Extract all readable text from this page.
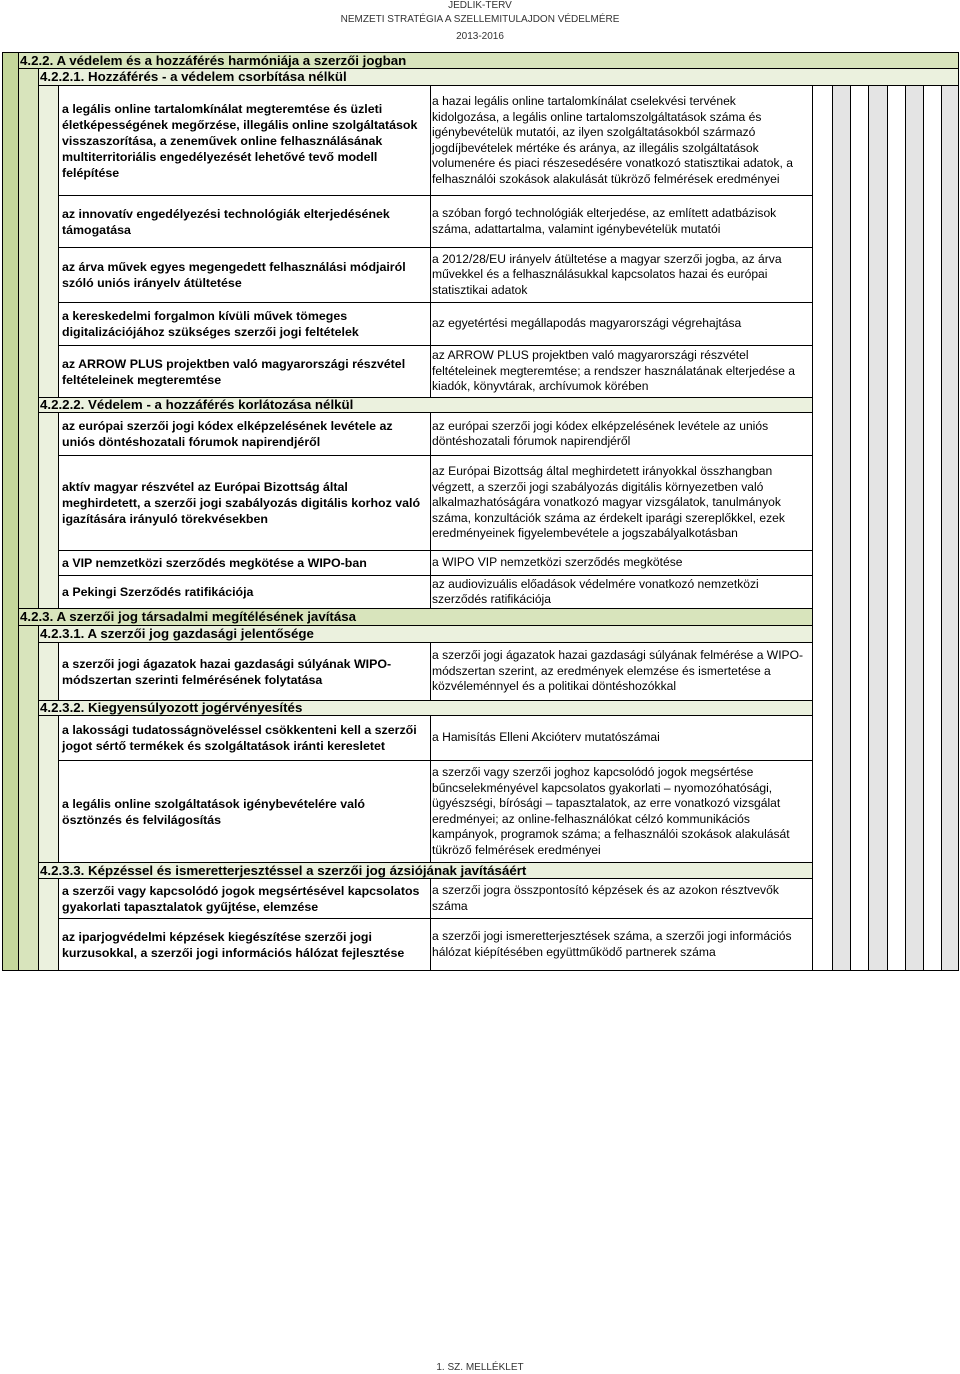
JEDLIK-TERV
NEMZETI STRATÉGIA A SZELLEMITULAJDON VÉDELMÉRE
2013-2016
4.2.2. A védelem és a hozzáférés harmóniája a szerzői jogban
4.2.2.1. Hozzáférés - a védelem csorbítása nélkül
a legális online tartalomkínálat megteremtése és üzleti
életképességének megőrzése, illegális online szolgáltatások
visszaszorítása, a zeneművek online felhasználásának
multiterritoriális engedélyezését lehetővé tevő modell
felépítése
a hazai legális online tartalomkínálat cselekvési tervének
kidolgozása, a legális online tartalomszolgáltatások száma és
igénybevételük mutatói, az ilyen szolgáltatásokból származó
jogdíjbevételek mértéke és aránya, az illegális szolgáltatások
volumenére és piaci részesedésére vonatkozó statisztikai adatok, a
felhasználói szokások alakulását tükröző felmérések eredményei
az innovatív engedélyezési technológiák elterjedésének
támogatása
a szóban forgó technológiák elterjedése, az említett adatbázisok
száma, adattartalma, valamint igénybevételük mutatói
az árva művek egyes megengedett felhasználási módjairól
szóló uniós irányelv átültetése
a 2012/28/EU irányelv átültetése a magyar szerzői jogba, az árva
művekkel és a felhasználásukkal kapcsolatos hazai és európai
statisztikai adatok
a kereskedelmi forgalmon kívüli művek tömeges
digitalizációjához szükséges szerzői jogi feltételek
az egyetértési megállapodás magyarországi végrehajtása
az ARROW PLUS projektben való magyarországi részvétel
feltételeinek megteremtése
az ARROW PLUS projektben való magyarországi részvétel
feltételeinek megteremtése; a rendszer használatának elterjedése a
kiadók, könyvtárak, archívumok körében
4.2.2.2. Védelem - a hozzáférés korlátozása nélkül
az európai szerzői jogi kódex elképzelésének levétele az
uniós döntéshozatali fórumok napirendjéről
az európai szerzői jogi kódex elképzelésének levétele az uniós
döntéshozatali fórumok napirendjéről
aktív magyar részvétel az Európai Bizottság által
meghirdetett, a szerzői jogi szabályozás digitális korhoz való
igazítására irányuló törekvésekben
az Európai Bizottság által meghirdetett irányokkal összhangban
végzett, a szerzői jogi szabályozás digitális környezetben való
alkalmazhatóságára vonatkozó magyar vizsgálatok, tanulmányok
száma, konzultációk száma az érdekelt iparági szereplőkkel, ezek
eredményeinek figyelembevétele a jogszabályalkotásban
a VIP nemzetközi szerződés megkötése a WIPO-ban	a WIPO VIP nemzetközi szerződés megkötése
a Pekingi Szerződés ratifikációja
az audiovizuális előadások védelmére vonatkozó nemzetközi
szerződés ratifikációja
4.2.3. A szerzői jog társadalmi megítélésének javítása
4.2.3.1. A szerzői jog gazdasági jelentősége
a szerzői jogi ágazatok hazai gazdasági súlyának WIPO-
módszertan szerinti felmérésének folytatása
a szerzői jogi ágazatok hazai gazdasági súlyának felmérése a WIPO-
módszertan szerint, az eredmények elemzése és ismertetése a
közvéleménnyel és a politikai döntéshozókkal
4.2.3.2. Kiegyensúlyozott jogérvényesítés
a lakossági tudatosságnöveléssel csökkenteni kell a szerzői
jogot sértő termékek és szolgáltatások iránti keresletet
a Hamisítás Elleni Akcióterv mutatószámai
a legális online szolgáltatások igénybevételére való
ösztönzés és felvilágosítás
a szerzői vagy szerzői joghoz kapcsolódó jogok megsértése
bűncselekményével kapcsolatos gyakorlati – nyomozóhatósági,
ügyészségi, bírósági – tapasztalatok, az erre vonatkozó vizsgálat
eredményei; az online-felhasználókat célzó kommunikációs
kampányok, programok száma; a felhasználói szokások alakulását
tükröző felmérések eredményei
4.2.3.3. Képzéssel és ismeretterjesztéssel a szerzői jog ázsiójának javításáért
a szerzői vagy kapcsolódó jogok megsértésével kapcsolatos
gyakorlati tapasztalatok gyűjtése, elemzése
a szerzői jogra összpontosító képzések és az azokon résztvevők
száma
az iparjogvédelmi képzések kiegészítése szerzői jogi
kurzusokkal, a szerzői jogi információs hálózat fejlesztése
a szerzői jogi ismeretterjesztések száma, a szerzői jogi információs
hálózat kiépítésében együttműködő partnerek száma
1. SZ. MELLÉKLET
